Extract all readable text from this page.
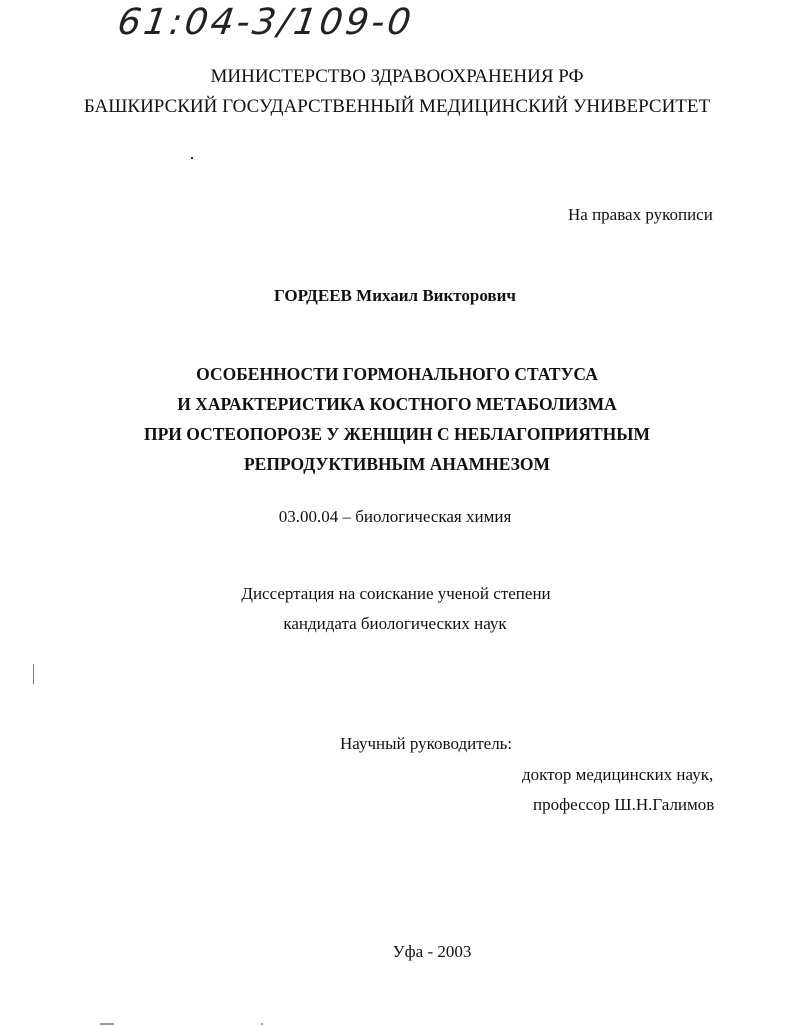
61:04-3/109-0
МИНИСТЕРСТВО ЗДРАВООХРАНЕНИЯ РФ
БАШКИРСКИЙ ГОСУДАРСТВЕННЫЙ МЕДИЦИНСКИЙ УНИВЕРСИТЕТ
На правах рукописи
ГОРДЕЕВ Михаил Викторович
ОСОБЕННОСТИ ГОРМОНАЛЬНОГО СТАТУСА
И ХАРАКТЕРИСТИКА КОСТНОГО МЕТАБОЛИЗМА
ПРИ ОСТЕОПОРОЗЕ У ЖЕНЩИН С НЕБЛАГОПРИЯТНЫМ
РЕПРОДУКТИВНЫМ АНАМНЕЗОМ
03.00.04 – биологическая химия
Диссертация на соискание ученой степени
кандидата биологических наук
Научный руководитель:
доктор медицинских наук,
профессор Ш.Н.Галимов
Уфа - 2003
